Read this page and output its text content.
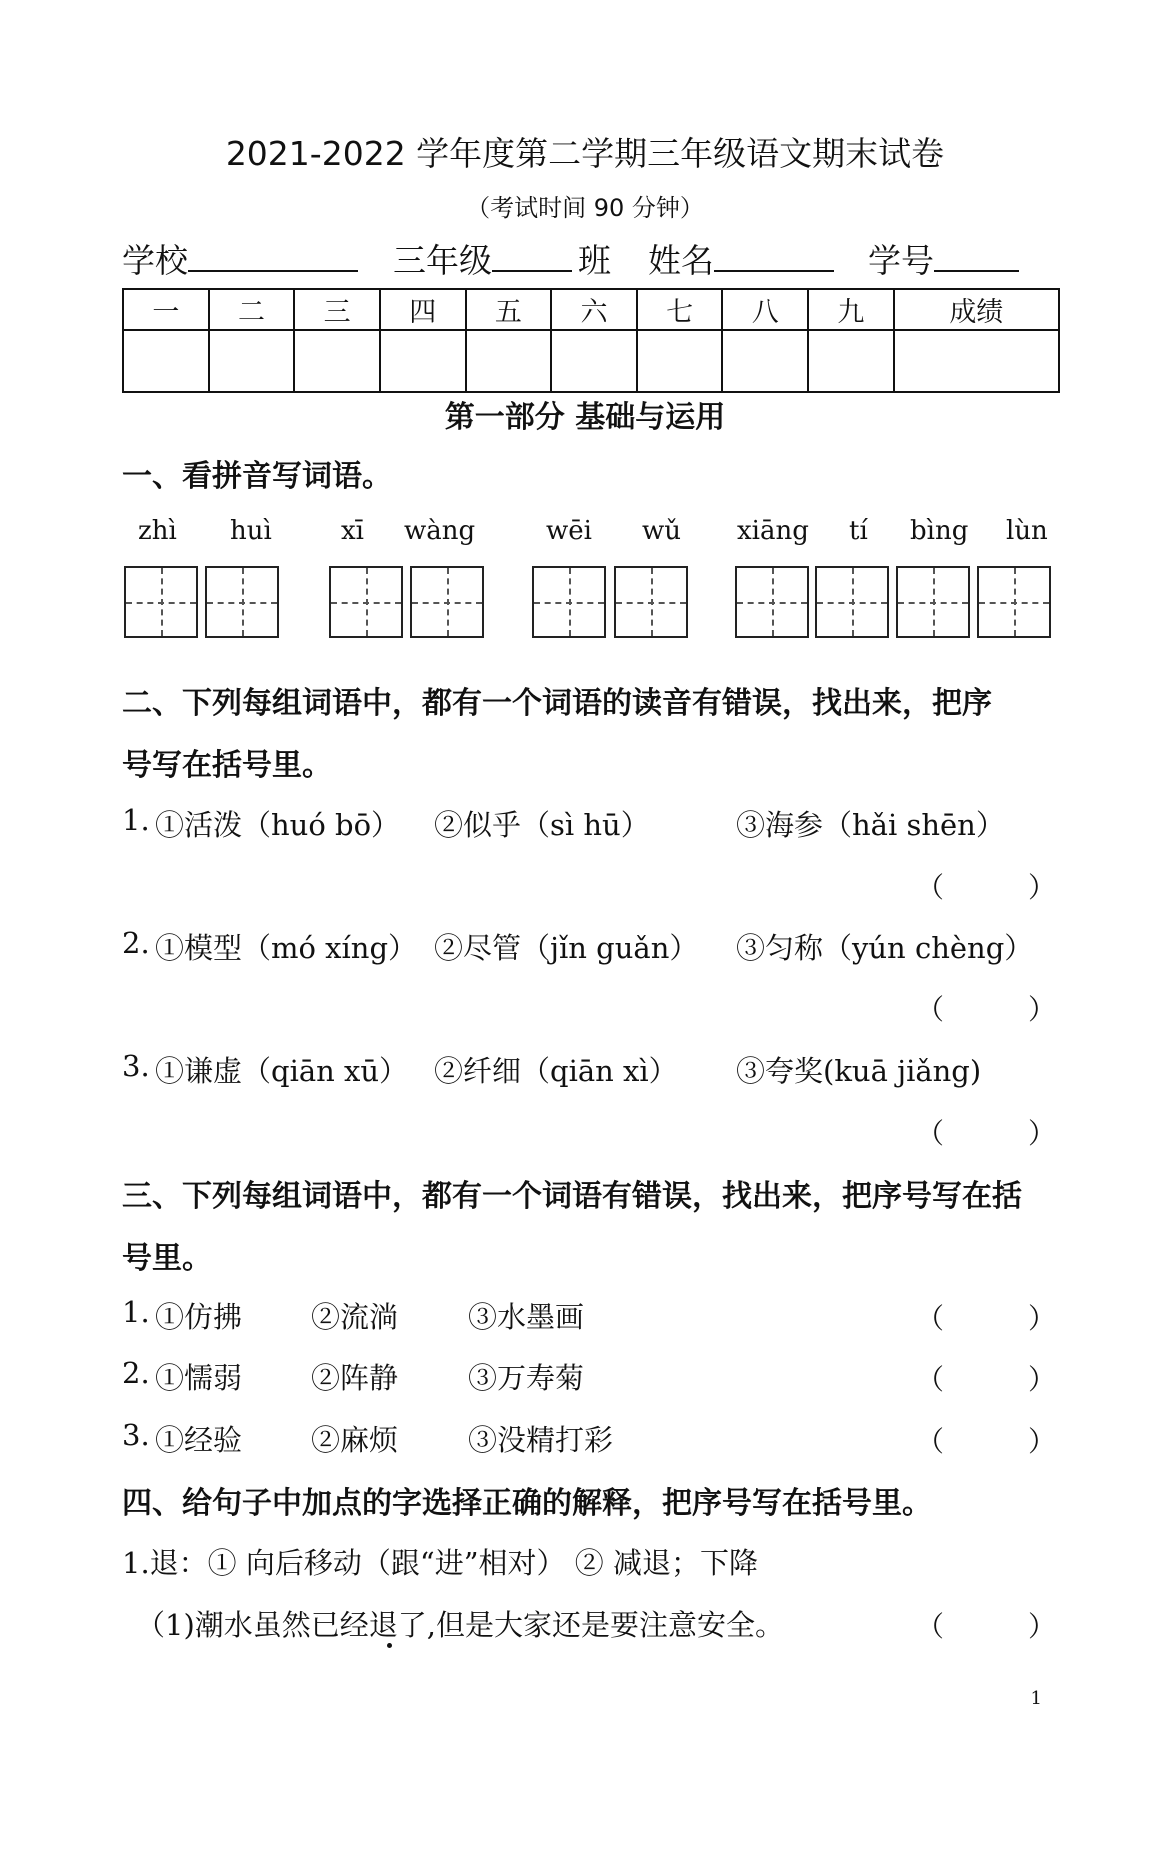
2021-2022 学年度第二学期三年级语文期末试卷
（考试时间 90 分钟）
学校	三年级	班 姓名	学号
一	二	三	四	五	六	七	八	九	成绩

第一部分 基础与运用
一、看拼音写词语。
zhì huì	xī wàng	wēi wǔ xiāng tí bìng lùn
二、下列每组词语中，都有一个词语的读音有错误，找出来，把序
号写在括号里。
1. ①活泼（huó bō） ②似乎（sì hū）	③海参（hǎi shēn）
（　　　）
2. ①模型（mó xíng） ②尽管（jǐn guǎn） ③匀称（yún chèng）
（　　　）
3. ①谦虚（qiān xū） ②纤细（qiān xì） ③夸奖(kuā jiǎng)
（　　　）
三、下列每组词语中，都有一个词语有错误，找出来，把序号写在括
号里。
1. ①仿拂 ②流淌 ③水墨画	（　　　）
2. ①懦弱 ②阵静 ③万寿菊	（　　　）
3. ①经验 ②麻烦 ③没精打彩	（　　　）
四、给句子中加点的字选择正确的解释，把序号写在括号里。
1.退：① 向后移动（跟“进”相对） ② 减退；下降
（1)潮水虽然已经退了,但是大家还是要注意安全。	（　　　）
1
